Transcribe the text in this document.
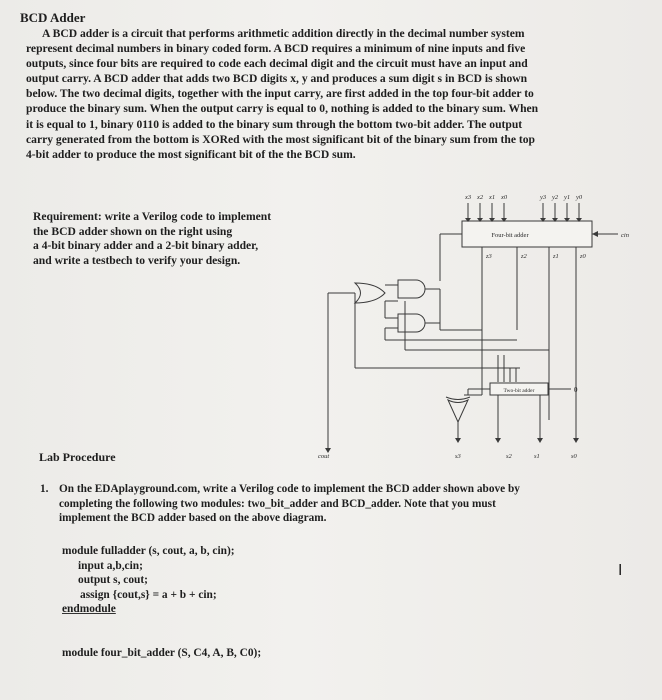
BCD Adder
A BCD adder is a circuit that performs arithmetic addition directly in the decimal number system
represent decimal numbers in binary coded form. A BCD requires a minimum of nine inputs and five
outputs, since four bits are required to code each decimal digit and the circuit must have an input and
output carry. A BCD adder that adds two BCD digits x, y and produces a sum digit s in BCD is shown
below. The two decimal digits, together with the input carry, are first added in the top four-bit adder to
produce the binary sum. When the output carry is equal to 0, nothing is added to the binary sum. When
it is equal to 1, binary 0110 is added to the binary sum through the bottom two-bit adder. The output
carry generated from the bottom is XORed with the most significant bit of the binary sum from the top
4-bit adder to produce the most significant bit of the the BCD sum.
Requirement: write a Verilog code to implement
the BCD adder shown on the right using
a 4-bit binary adder and a 2-bit binary adder,
and write a testbech to verify your design.
x3 x2 x1 x0	y3 y2 y1 y0
cin
z3	z2	z1	z0
cout	s3	s2	s1	s0
Four-bit adder
Two-bit adder	0
Lab Procedure
1. On the EDAplayground.com, write a Verilog code to implement the BCD adder shown above by
completing the following two modules: two_bit_adder and BCD_adder. Note that you must
implement the BCD adder based on the above diagram.
module fulladder (s, cout, a, b, cin);
input a,b,cin;
output s, cout;
assign {cout,s} = a + b + cin;
endmodule
module four_bit_adder (S, C4, A, B, C0);
I
